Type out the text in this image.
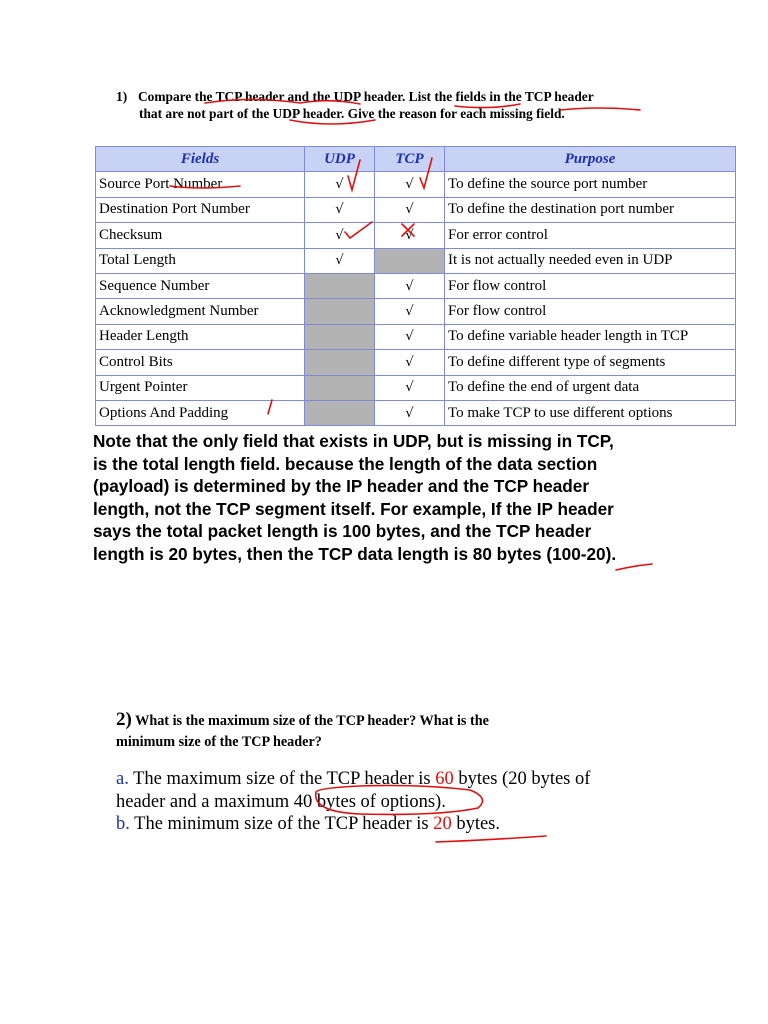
1) Compare the TCP header and the UDP header. List the fields in the TCP header
that are not part of the UDP header. Give the reason for each missing field.
Fields	UDP	TCP	Purpose
Source Port Number	√	√	To define the source port number
Destination Port Number	√	√	To define the destination port number
Checksum	√	√	For error control
Total Length	√		It is not actually needed even in UDP
Sequence Number		√	For flow control
Acknowledgment Number		√	For flow control
Header Length		√	To define variable header length in TCP
Control Bits		√	To define different type of segments
Urgent Pointer		√	To define the end of urgent data
Options And Padding		√	To make TCP to use different options
Note that the only field that exists in UDP, but is missing in TCP,
is the total length field. because the length of the data section
(payload) is determined by the IP header and the TCP header
length, not the TCP segment itself. For example, If the IP header
says the total packet length is 100 bytes, and the TCP header
length is 20 bytes, then the TCP data length is 80 bytes (100-20).
2) What is the maximum size of the TCP header? What is the
minimum size of the TCP header?
a. The maximum size of the TCP header is 60 bytes (20 bytes of
header and a maximum 40 bytes of options).
b. The minimum size of the TCP header is 20 bytes.
